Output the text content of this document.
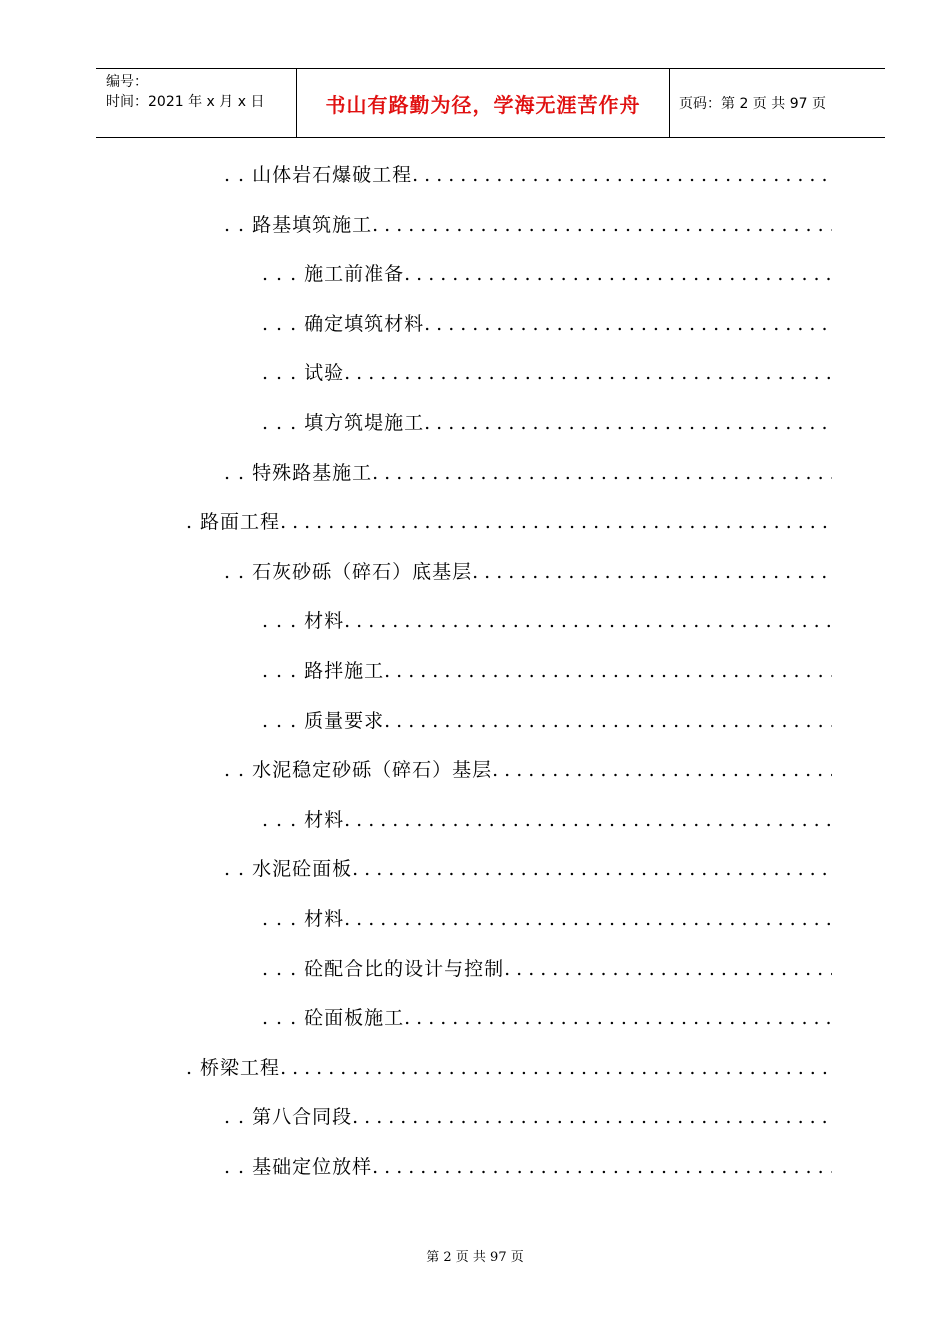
编号：
时间：2021 年 x 月 x 日	书山有路勤为径，学海无涯苦作舟	页码：第 2 页 共 97 页
.. 山体岩石爆破工程
.....
.. 路基填筑施工
.....
... 施工前准备
.....
... 确定填筑材料
.....
... 试验
.....
... 填方筑堤施工
.....
.. 特殊路基施工
.....
. 路面工程
.....
.. 石灰砂砾（碎石）底基层
.....
... 材料
.....
... 路拌施工
.....
... 质量要求
.....
.. 水泥稳定砂砾（碎石）基层
.....
... 材料
.....
.. 水泥砼面板
.....
... 材料
.....
... 砼配合比的设计与控制
.....
... 砼面板施工
.....
. 桥梁工程
.....
.. 第八合同段
.....
.. 基础定位放样
.....
第 2 页 共 97 页
